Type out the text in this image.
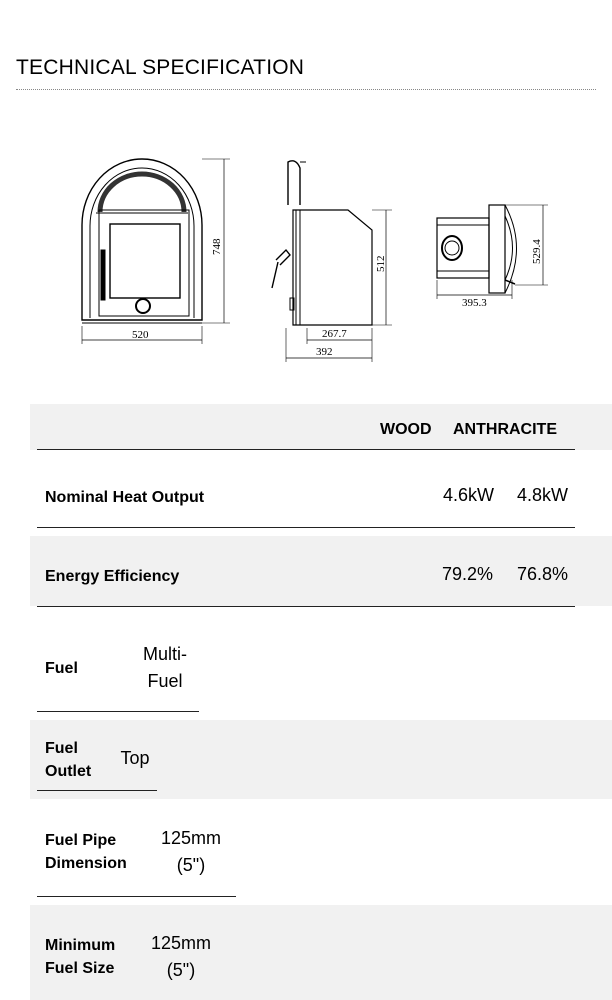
TECHNICAL SPECIFICATION
520
748
512
267.7
392
395.3
529.4
WOOD ANTHRACITE
Nominal Heat Output	4.6kW 4.8kW
Energy Efficiency	79.2% 76.8%
Fuel
Multi-
Fuel
Fuel
Outlet
Top
Fuel Pipe
Dimension
125mm
(5")
Minimum
Fuel Size
125mm
(5")
